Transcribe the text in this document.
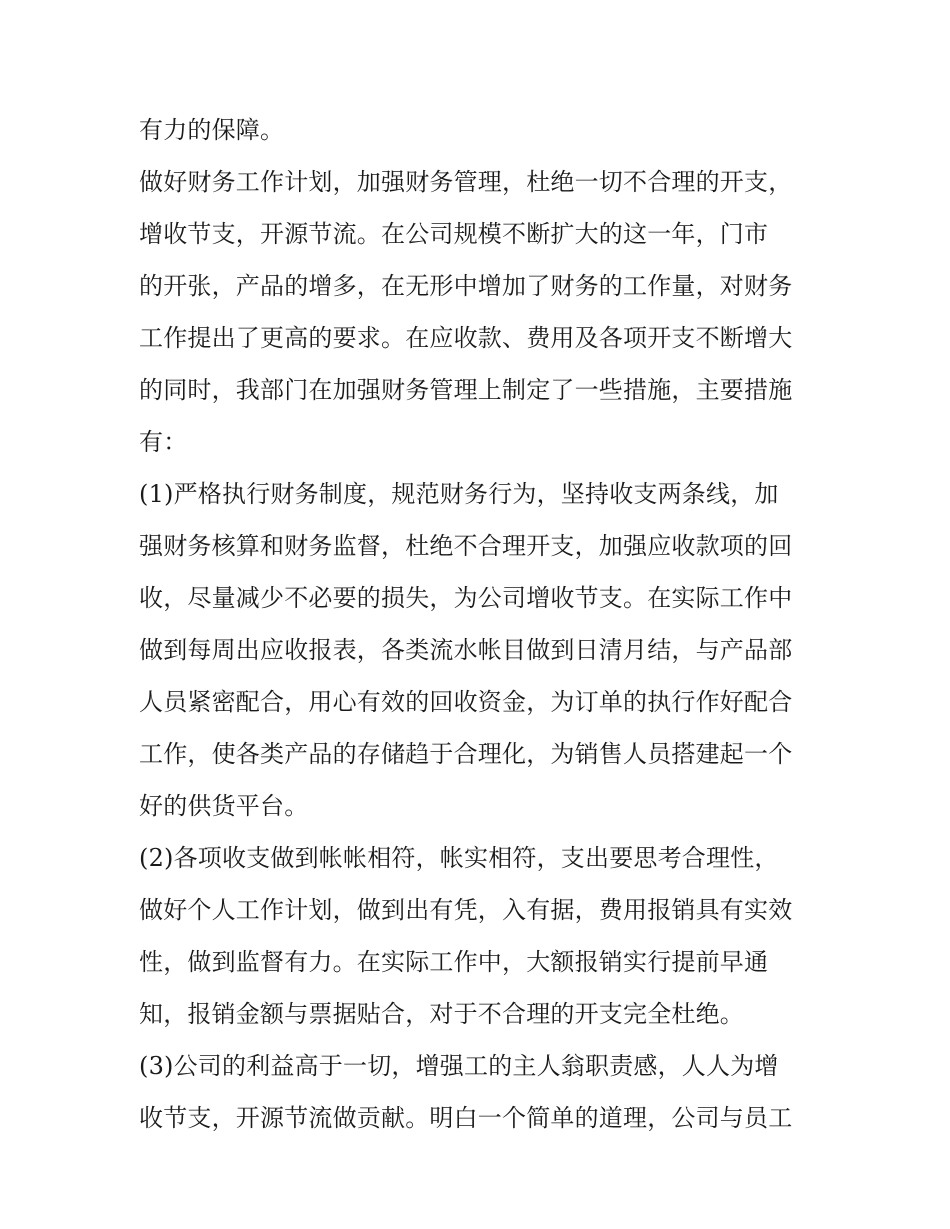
有力的保障。
做好财务工作计划，加强财务管理，杜绝一切不合理的开支，
增收节支，开源节流。在公司规模不断扩大的这一年，门市
的开张，产品的增多，在无形中增加了财务的工作量，对财务
工作提出了更高的要求。在应收款、费用及各项开支不断增大
的同时，我部门在加强财务管理上制定了一些措施，主要措施
有：
(1)严格执行财务制度，规范财务行为，坚持收支两条线，加
强财务核算和财务监督，杜绝不合理开支，加强应收款项的回
收，尽量减少不必要的损失，为公司增收节支。在实际工作中
做到每周出应收报表，各类流水帐目做到日清月结，与产品部
人员紧密配合，用心有效的回收资金，为订单的执行作好配合
工作，使各类产品的存储趋于合理化，为销售人员搭建起一个
好的供货平台。
(2)各项收支做到帐帐相符，帐实相符，支出要思考合理性，
做好个人工作计划，做到出有凭，入有据，费用报销具有实效
性，做到监督有力。在实际工作中，大额报销实行提前早通
知，报销金额与票据贴合，对于不合理的开支完全杜绝。
(3)公司的利益高于一切，增强工的主人翁职责感，人人为增
收节支，开源节流做贡献。明白一个简单的道理，公司与员工
